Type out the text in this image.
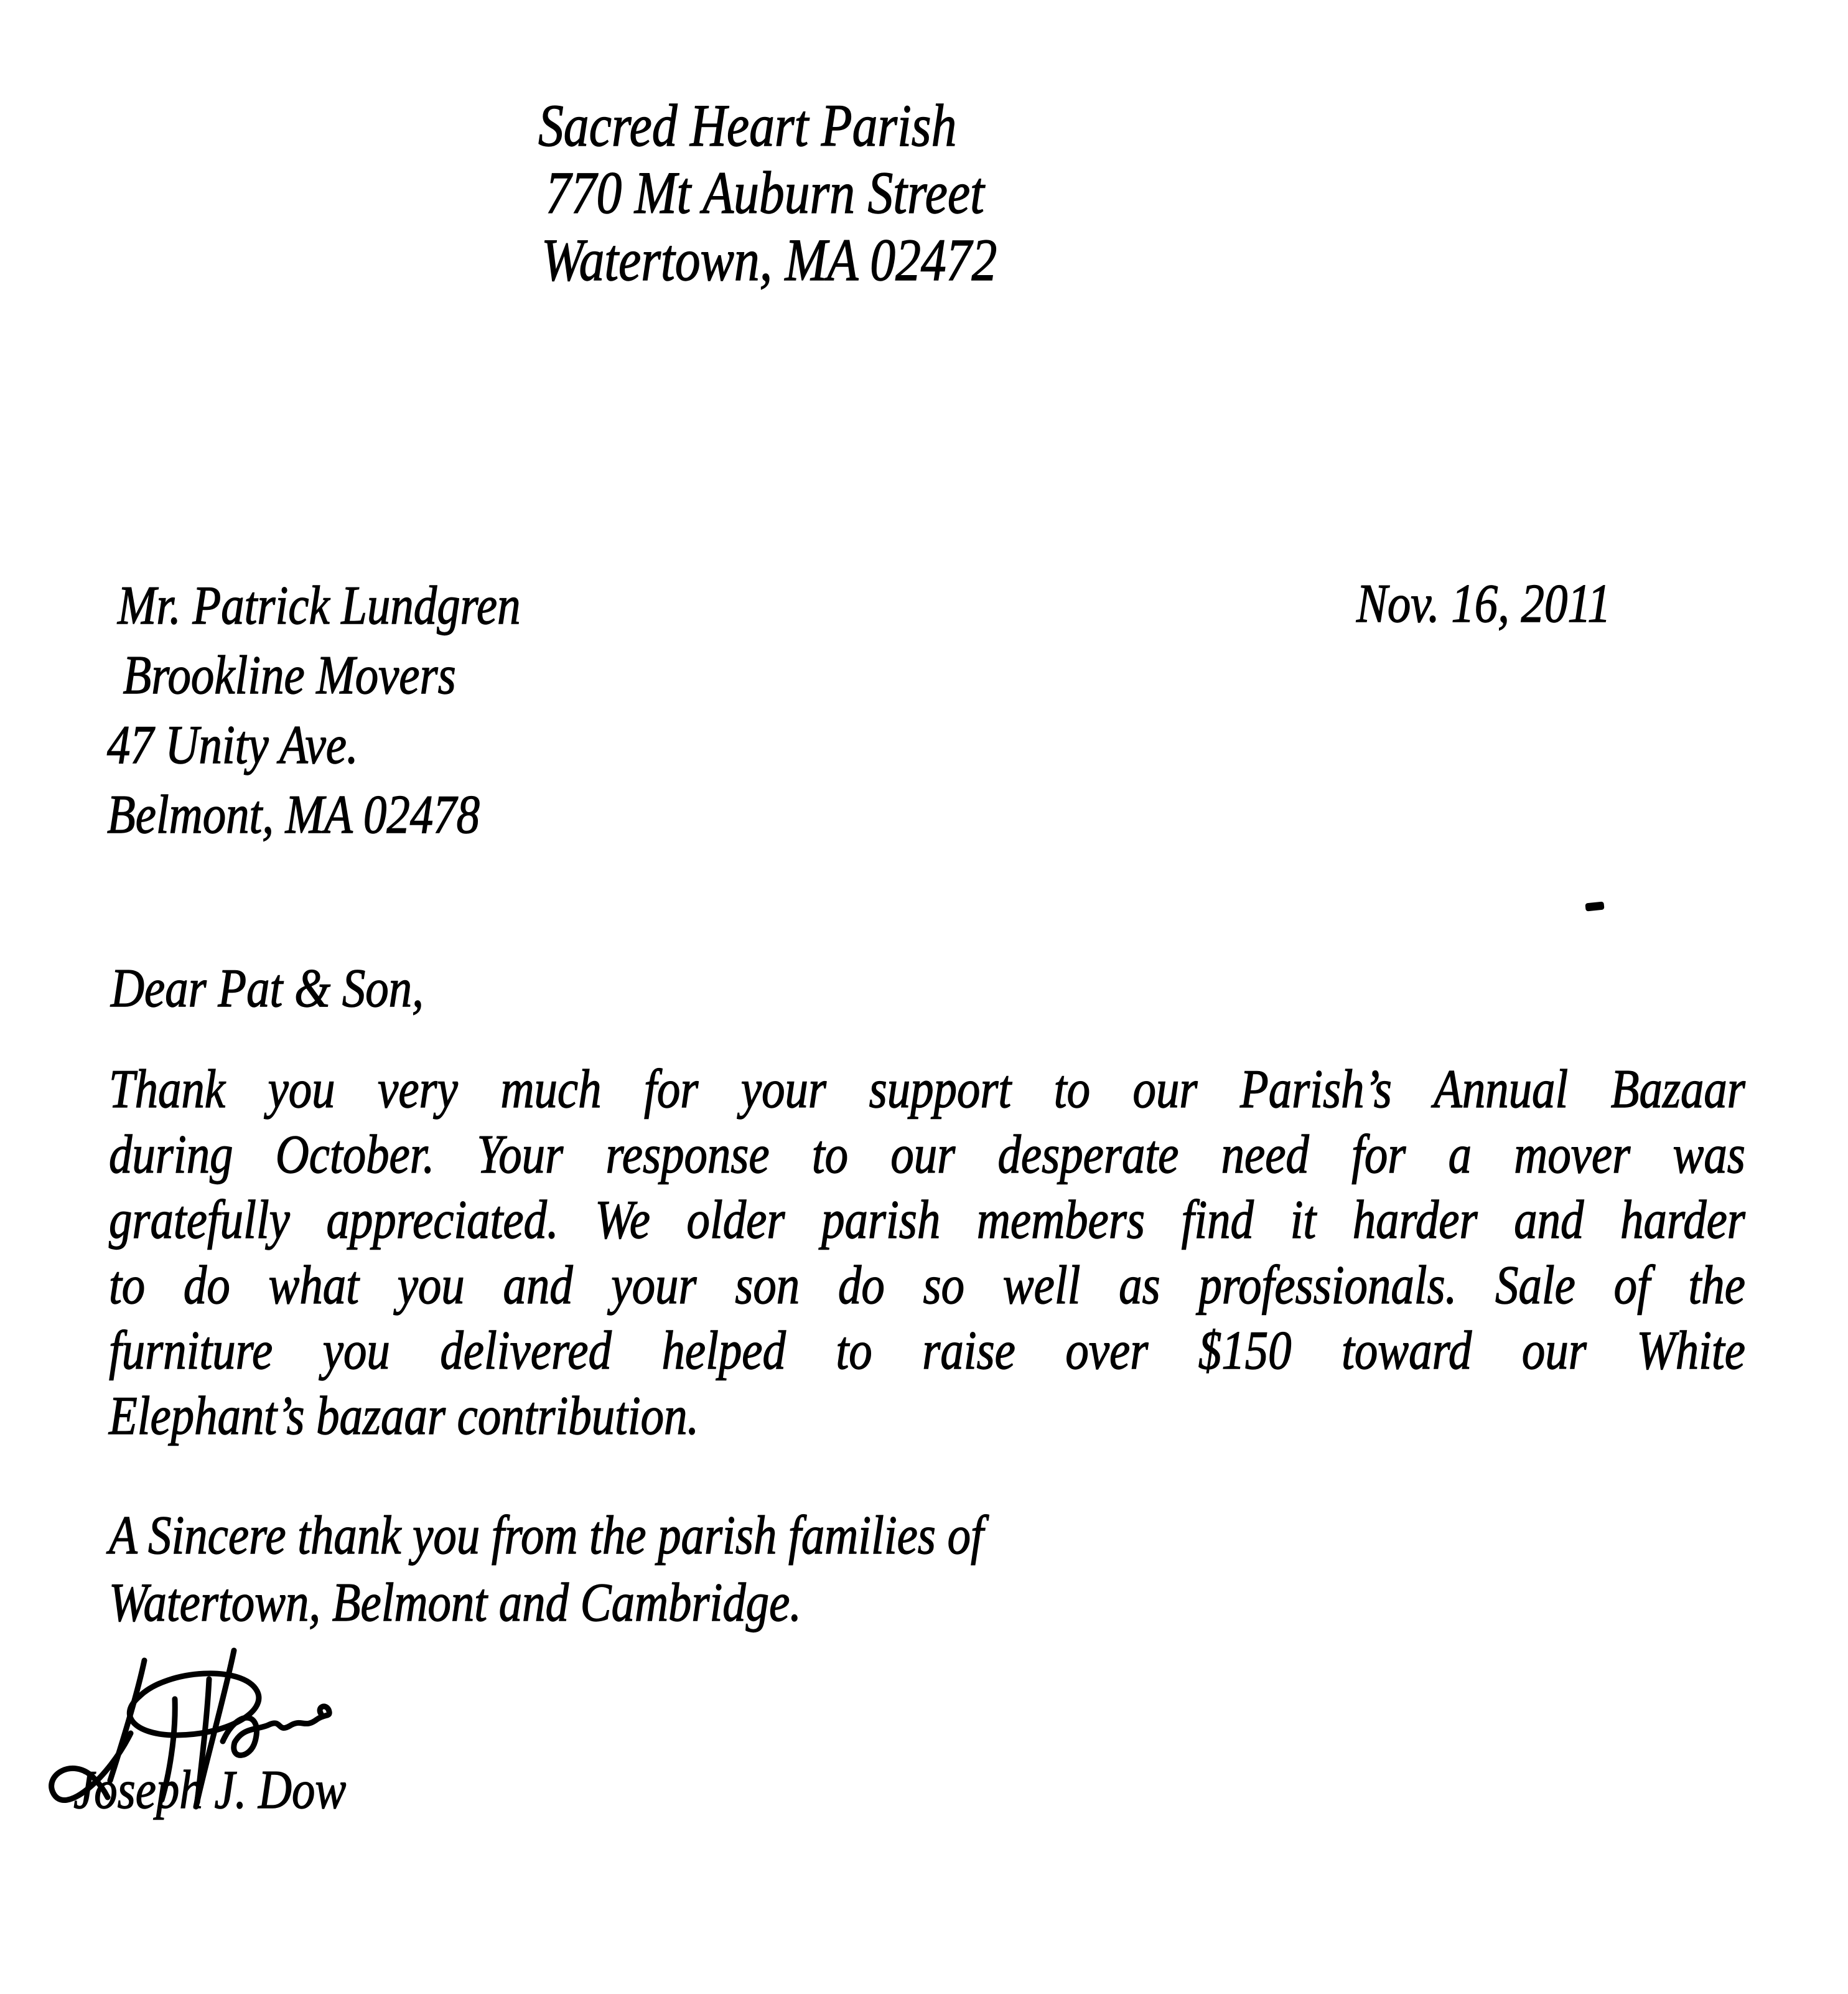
Sacred Heart Parish
770 Mt Auburn Street
Watertown, MA 02472
Nov. 16, 2011
Mr. Patrick Lundgren
Brookline Movers
47 Unity Ave.
Belmont, MA 02478
Dear Pat & Son,
Thank you very much for your support to our Parish’s Annual Bazaar
during October. Your response to our desperate need for a mover was
gratefully appreciated. We older parish members find it harder and harder
to do what you and your son do so well as professionals. Sale of the
furniture you delivered helped to raise over $150 toward our White
Elephant’s bazaar contribution.
A Sincere thank you from the parish families of
Watertown, Belmont and Cambridge.
Joseph J. Dow
